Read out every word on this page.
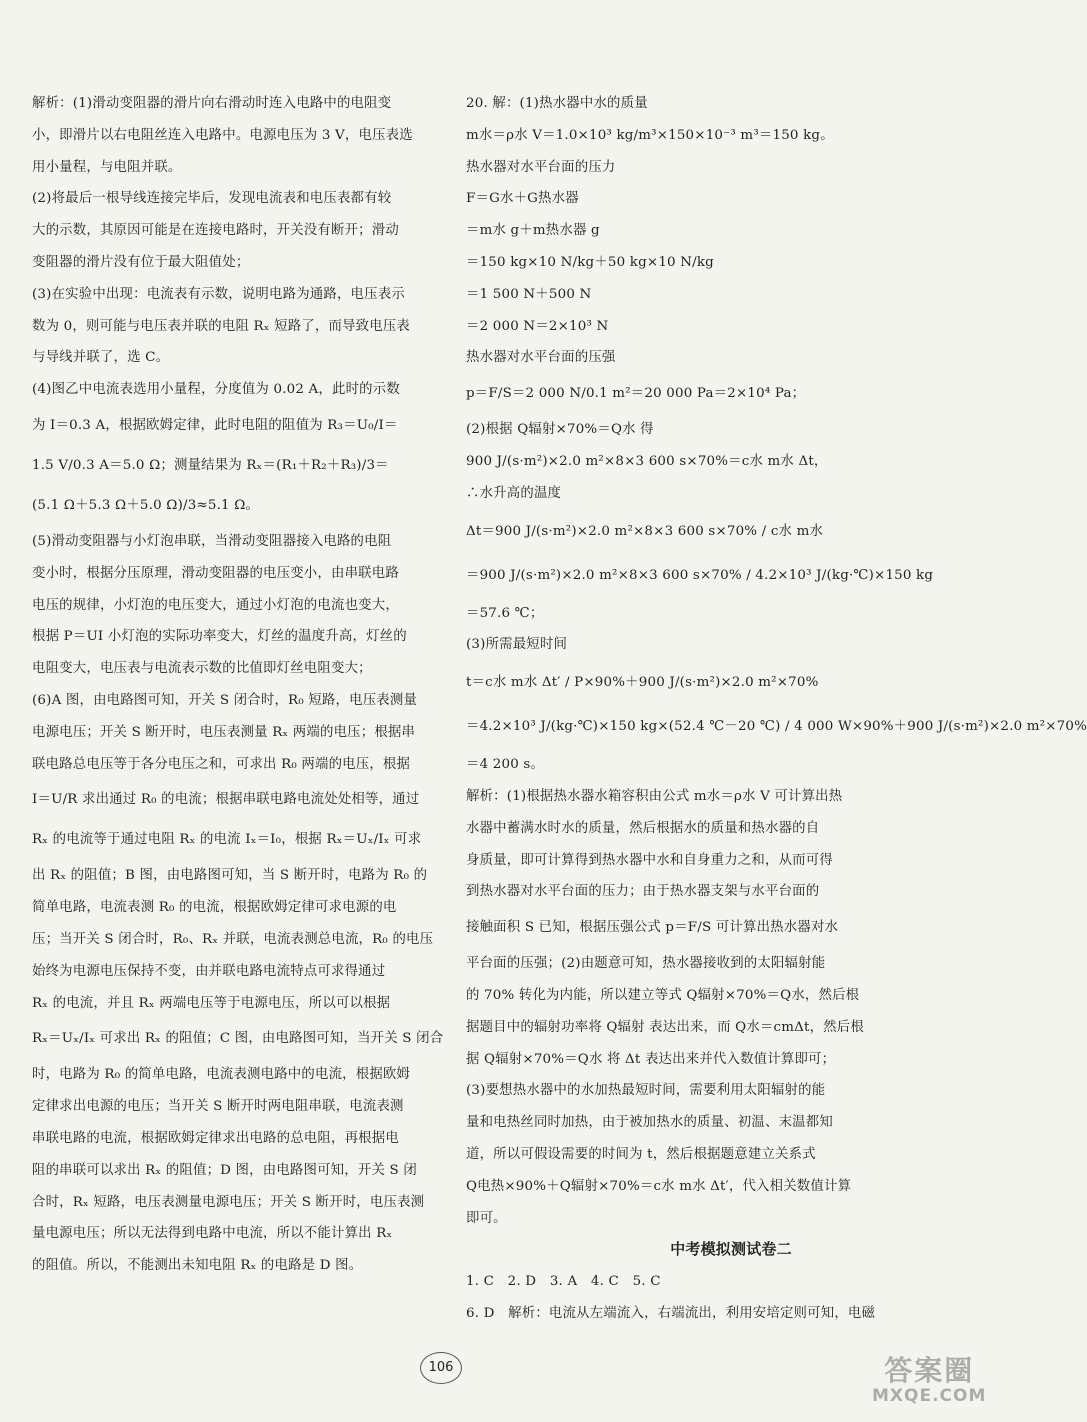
解析：(1)滑动变阻器的滑片向右滑动时连入电路中的电阻变
小，即滑片以右电阻丝连入电路中。电源电压为 3 V，电压表选
用小量程，与电阻并联。
(2)将最后一根导线连接完毕后，发现电流表和电压表都有较
大的示数，其原因可能是在连接电路时，开关没有断开；滑动
变阻器的滑片没有位于最大阻值处；
(3)在实验中出现：电流表有示数，说明电路为通路，电压表示
数为 0，则可能与电压表并联的电阻 Rₓ 短路了，而导致电压表
与导线并联了，选 C。
(4)图乙中电流表选用小量程，分度值为 0.02 A，此时的示数
为 I＝0.3 A，根据欧姆定律，此时电阻的阻值为 R₃＝U₀/I＝
1.5 V/0.3 A＝5.0 Ω；测量结果为 Rₓ＝(R₁＋R₂＋R₃)/3＝
(5.1 Ω＋5.3 Ω＋5.0 Ω)/3≈5.1 Ω。
(5)滑动变阻器与小灯泡串联，当滑动变阻器接入电路的电阻
变小时，根据分压原理，滑动变阻器的电压变小，由串联电路
电压的规律，小灯泡的电压变大，通过小灯泡的电流也变大，
根据 P＝UI 小灯泡的实际功率变大，灯丝的温度升高，灯丝的
电阻变大，电压表与电流表示数的比值即灯丝电阻变大；
(6)A 图，由电路图可知，开关 S 闭合时，R₀ 短路，电压表测量
电源电压；开关 S 断开时，电压表测量 Rₓ 两端的电压；根据串
联电路总电压等于各分电压之和，可求出 R₀ 两端的电压，根据
I＝U/R 求出通过 R₀ 的电流；根据串联电路电流处处相等，通过
Rₓ 的电流等于通过电阻 Rₓ 的电流 Iₓ＝I₀，根据 Rₓ＝Uₓ/Iₓ 可求
出 Rₓ 的阻值；B 图，由电路图可知，当 S 断开时，电路为 R₀ 的
简单电路，电流表测 R₀ 的电流，根据欧姆定律可求电源的电
压；当开关 S 闭合时，R₀、Rₓ 并联，电流表测总电流，R₀ 的电压
始终为电源电压保持不变，由并联电路电流特点可求得通过
Rₓ 的电流，并且 Rₓ 两端电压等于电源电压，所以可以根据
Rₓ＝Uₓ/Iₓ 可求出 Rₓ 的阻值；C 图，由电路图可知，当开关 S 闭合
时，电路为 R₀ 的简单电路，电流表测电路中的电流，根据欧姆
定律求出电源的电压；当开关 S 断开时两电阻串联，电流表测
串联电路的电流，根据欧姆定律求出电路的总电阻，再根据电
阻的串联可以求出 Rₓ 的阻值；D 图，由电路图可知，开关 S 闭
合时，Rₓ 短路，电压表测量电源电压；开关 S 断开时，电压表测
量电源电压；所以无法得到电路中电流，所以不能计算出 Rₓ
的阻值。所以，不能测出未知电阻 Rₓ 的电路是 D 图。
20. 解：(1)热水器中水的质量
m水＝ρ水 V＝1.0×10³ kg/m³×150×10⁻³ m³＝150 kg。
热水器对水平台面的压力
F＝G水＋G热水器
＝m水 g＋m热水器 g
＝150 kg×10 N/kg＋50 kg×10 N/kg
＝1 500 N＋500 N
＝2 000 N＝2×10³ N
热水器对水平台面的压强
p＝F/S＝2 000 N/0.1 m²＝20 000 Pa＝2×10⁴ Pa；
(2)根据 Q辐射×70%＝Q水 得
900 J/(s·m²)×2.0 m²×8×3 600 s×70%＝c水 m水 Δt，
∴水升高的温度
Δt＝900 J/(s·m²)×2.0 m²×8×3 600 s×70% / c水 m水
＝900 J/(s·m²)×2.0 m²×8×3 600 s×70% / 4.2×10³ J/(kg·℃)×150 kg
＝57.6 ℃；
(3)所需最短时间
t＝c水 m水 Δt′ / P×90%＋900 J/(s·m²)×2.0 m²×70%
＝4.2×10³ J/(kg·℃)×150 kg×(52.4 ℃－20 ℃) / 4 000 W×90%＋900 J/(s·m²)×2.0 m²×70%
＝4 200 s。
解析：(1)根据热水器水箱容积由公式 m水＝ρ水 V 可计算出热
水器中蓄满水时水的质量，然后根据水的质量和热水器的自
身质量，即可计算得到热水器中水和自身重力之和，从而可得
到热水器对水平台面的压力；由于热水器支架与水平台面的
接触面积 S 已知，根据压强公式 p＝F/S 可计算出热水器对水
平台面的压强；(2)由题意可知，热水器接收到的太阳辐射能
的 70% 转化为内能，所以建立等式 Q辐射×70%＝Q水，然后根
据题目中的辐射功率将 Q辐射 表达出来，而 Q水＝cmΔt，然后根
据 Q辐射×70%＝Q水 将 Δt 表达出来并代入数值计算即可；
(3)要想热水器中的水加热最短时间，需要利用太阳辐射的能
量和电热丝同时加热，由于被加热水的质量、初温、末温都知
道，所以可假设需要的时间为 t，然后根据题意建立关系式
Q电热×90%＋Q辐射×70%＝c水 m水 Δt′，代入相关数值计算
即可。
中考模拟测试卷二
1. C　2. D　3. A　4. C　5. C
6. D　解析：电流从左端流入，右端流出，利用安培定则可知，电磁
106	答案圈
MXQE.COM
